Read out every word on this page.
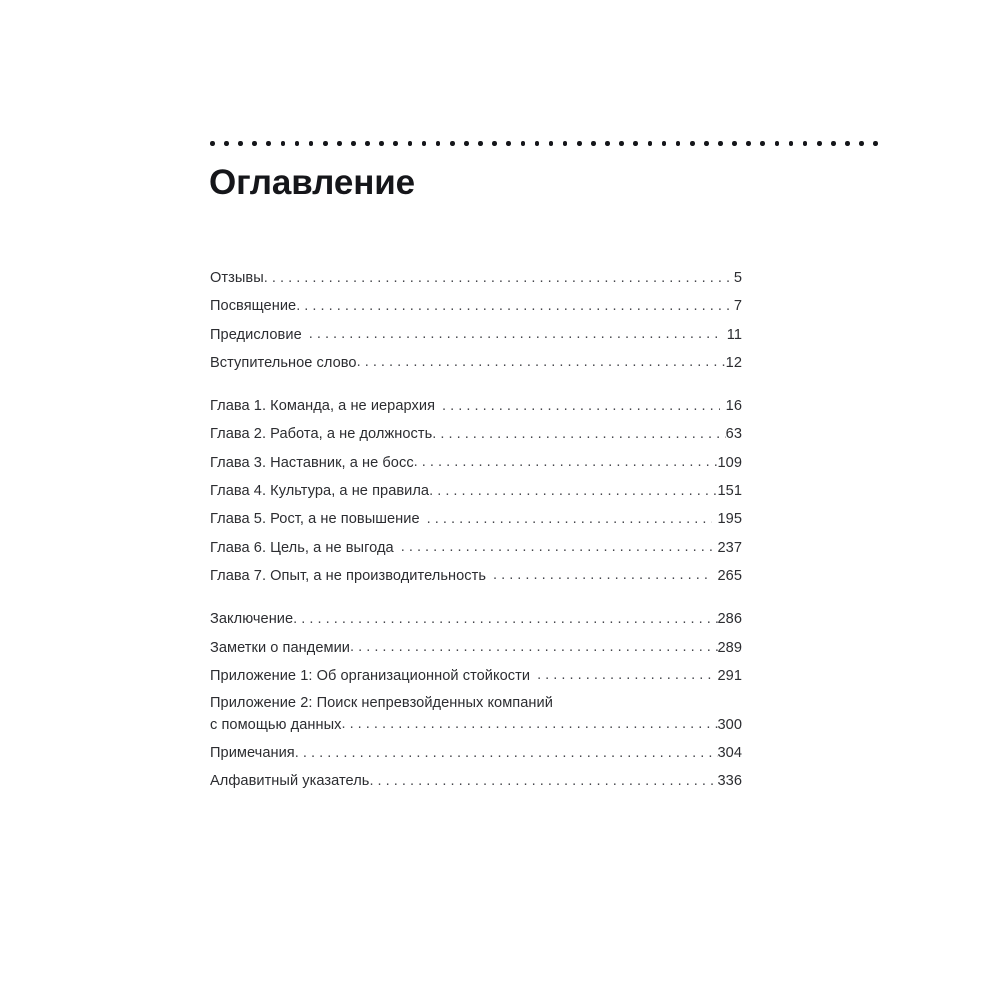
Оглавление
Отзывы . . .	5
Посвящение . . .	7
Предисловие . . .	11
Вступительное слово . . .	12
Глава 1. Команда, а не иерархия . . .	16
Глава 2. Работа, а не должность . . .	63
Глава 3. Наставник, а не босс . . .	109
Глава 4. Культура, а не правила . . .	151
Глава 5. Рост, а не повышение . . .	195
Глава 6. Цель, а не выгода . . .	237
Глава 7. Опыт, а не производительность . . .	265
Заключение . . .	286
Заметки о пандемии . . .	289
Приложение 1: Об организационной стойкости . . .	291
Приложение 2: Поиск непревзойденных компаний
с помощью данных . . .	300
Примечания . . .	304
Алфавитный указатель . . .	336
